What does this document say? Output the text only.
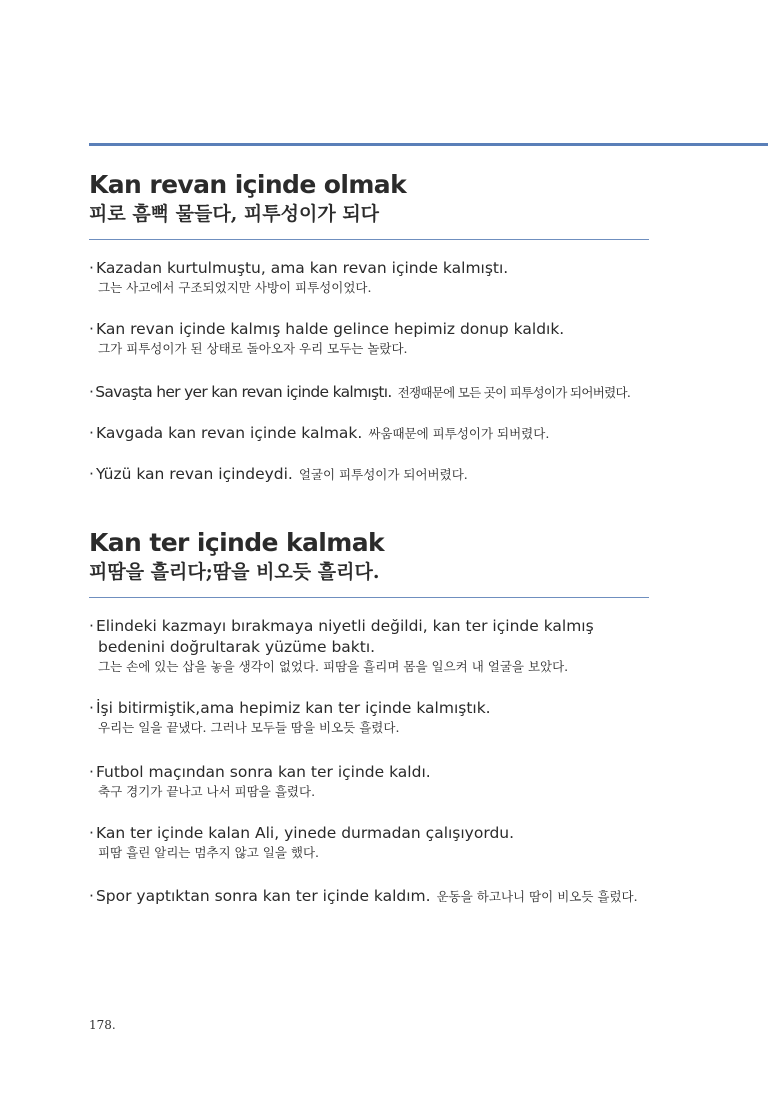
Kan revan içinde olmak
피로 흠뻑 물들다, 피투성이가 되다
· Kazadan kurtulmuştu, ama kan revan içinde kalmıştı.
그는 사고에서 구조되었지만 사방이 피투성이었다.
· Kan revan içinde kalmış halde gelince hepimiz donup kaldık.
그가 피투성이가 된 상태로 돌아오자 우리 모두는 놀랐다.
· Savaşta her yer kan revan içinde kalmıştı. 전쟁때문에 모든 곳이 피투성이가 되어버렸다.
· Kavgada kan revan içinde kalmak. 싸움때문에 피투성이가 되버렸다.
· Yüzü kan revan içindeydi. 얼굴이 피투성이가 되어버렸다.
Kan ter içinde kalmak
피땀을 흘리다;땀을 비오듯 흘리다.
· Elindeki kazmayı bırakmaya niyetli değildi, kan ter içinde kalmış
bedenini doğrultarak yüzüme baktı.
그는 손에 있는 삽을 놓을 생각이 없었다. 피땀을 흘리며 몸을 일으켜 내 얼굴을 보았다.
· İşi bitirmiştik,ama hepimiz kan ter içinde kalmıştık.
우리는 일을 끝냈다. 그러나 모두들 땀을 비오듯 흘렸다.
· Futbol maçından sonra kan ter içinde kaldı.
축구 경기가 끝나고 나서 피땀을 흘렸다.
· Kan ter içinde kalan Ali, yinede durmadan çalışıyordu.
피땀 흘린 알리는 멈추지 않고 일을 했다.
· Spor yaptıktan sonra kan ter içinde kaldım. 운동을 하고나니 땀이 비오듯 흘렀다.
178.
